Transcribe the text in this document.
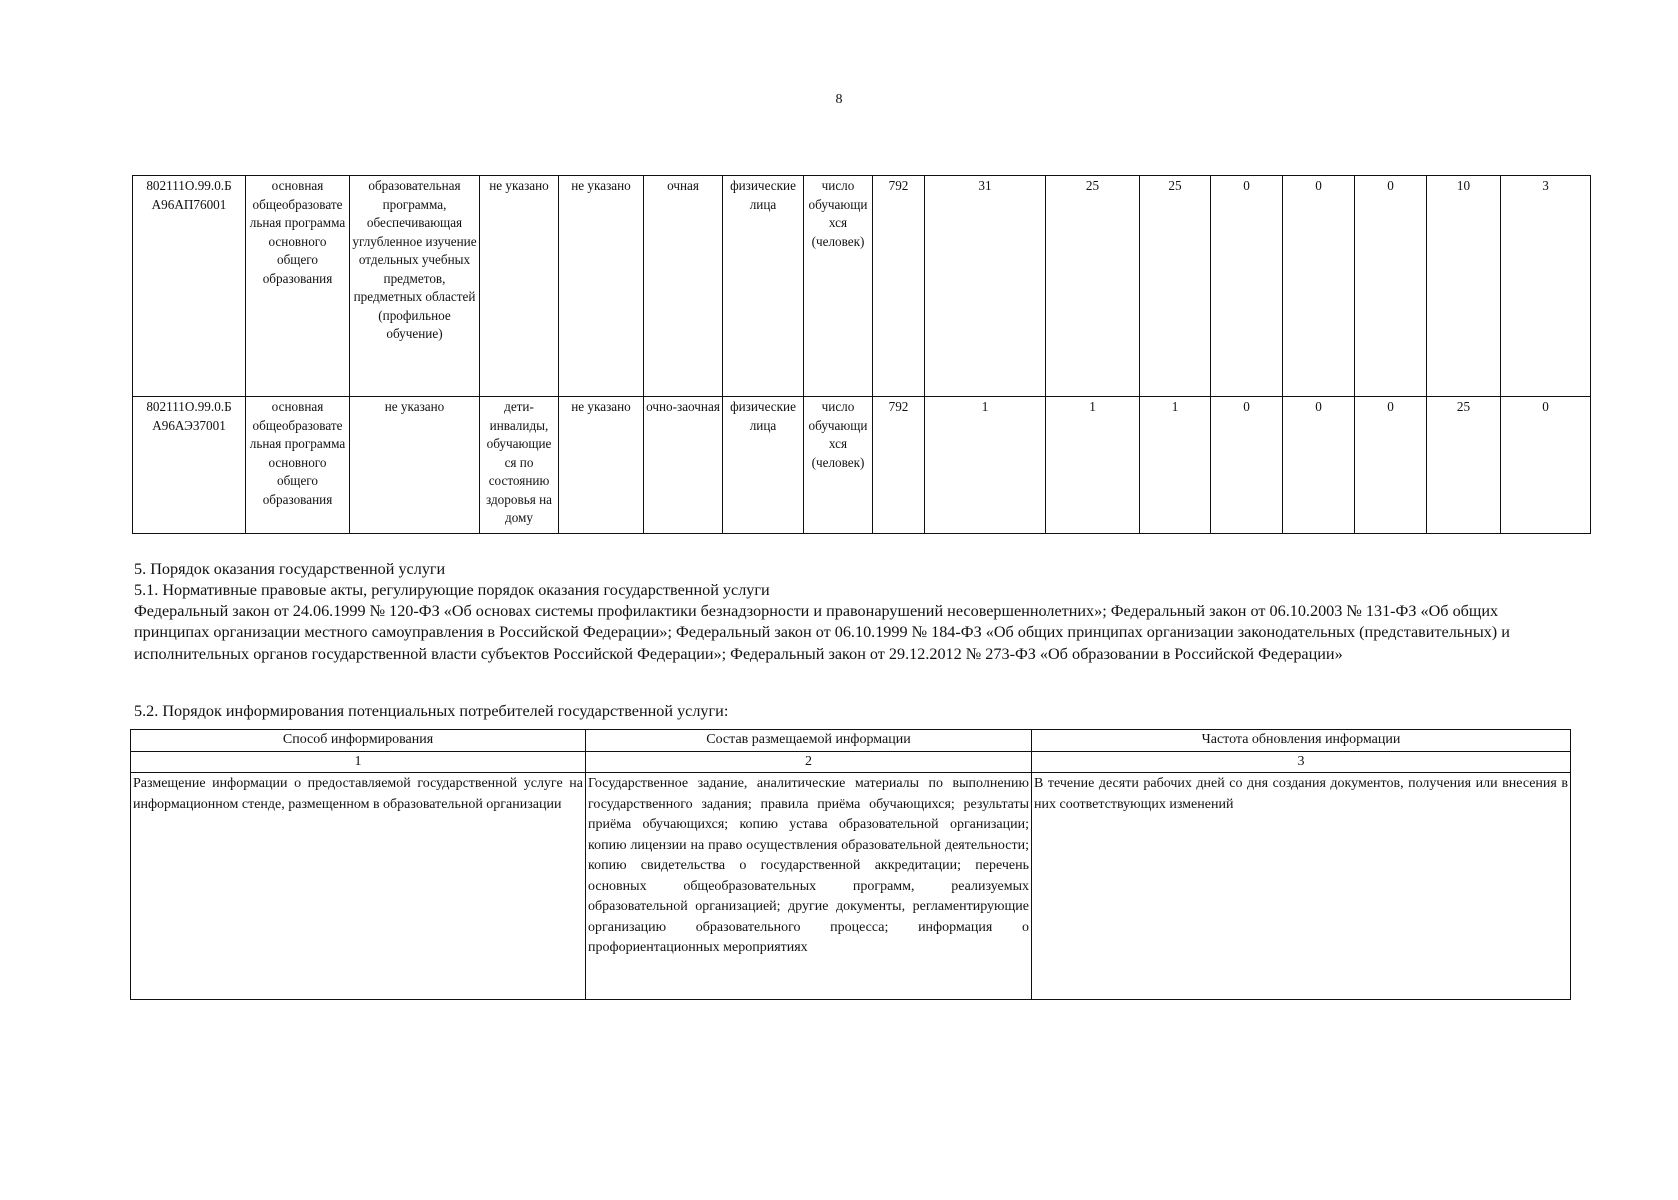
8
802111О.99.0.Б А96АП76001	основная общеобразовате льная программа основного общего образования	образовательная программа, обеспечивающая углубленное изучение отдельных учебных предметов, предметных областей (профильное обучение)	не указано	не указано	очная	физические лица	число обучающи хся (человек)	792	31	25	25	0	0	0	10	3
802111О.99.0.Б А96АЭ37001	основная общеобразовате льная программа основного общего образования	не указано	дети-инвалиды, обучающие ся по состоянию здоровья на дому	не указано	очно-заочная	физические лица	число обучающи хся (человек)	792	1	1	1	0	0	0	25	0
5. Порядок оказания государственной услуги
5.1. Нормативные правовые акты, регулирующие порядок оказания государственной услуги
Федеральный закон от 24.06.1999 № 120-ФЗ «Об основах системы профилактики безнадзорности и правонарушений несовершеннолетних»; Федеральный закон от 06.10.2003 № 131-ФЗ «Об общих принципах организации местного самоуправления в Российской Федерации»; Федеральный закон от 06.10.1999 № 184-ФЗ «Об общих принципах организации законодательных (представительных) и исполнительных органов государственной власти субъектов Российской Федерации»; Федеральный закон от 29.12.2012 № 273-ФЗ «Об образовании в Российской Федерации»
5.2. Порядок информирования потенциальных потребителей государственной услуги:
Способ информирования	Состав размещаемой информации	Частота обновления информации
1	2	3
Размещение информации о предоставляемой государственной услуге на информационном стенде, размещенном в образовательной организации	Государственное задание, аналитические материалы по выполнению государственного задания; правила приёма обучающихся; результаты приёма обучающихся; копию устава образовательной организации; копию лицензии на право осуществления образовательной деятельности; копию свидетельства о государственной аккредитации; перечень основных общеобразовательных программ, реализуемых образовательной организацией; другие документы, регламентирующие организацию образовательного процесса; информация о профориентационных мероприятиях	В течение десяти рабочих дней со дня создания документов, получения или внесения в них соответствующих изменений
